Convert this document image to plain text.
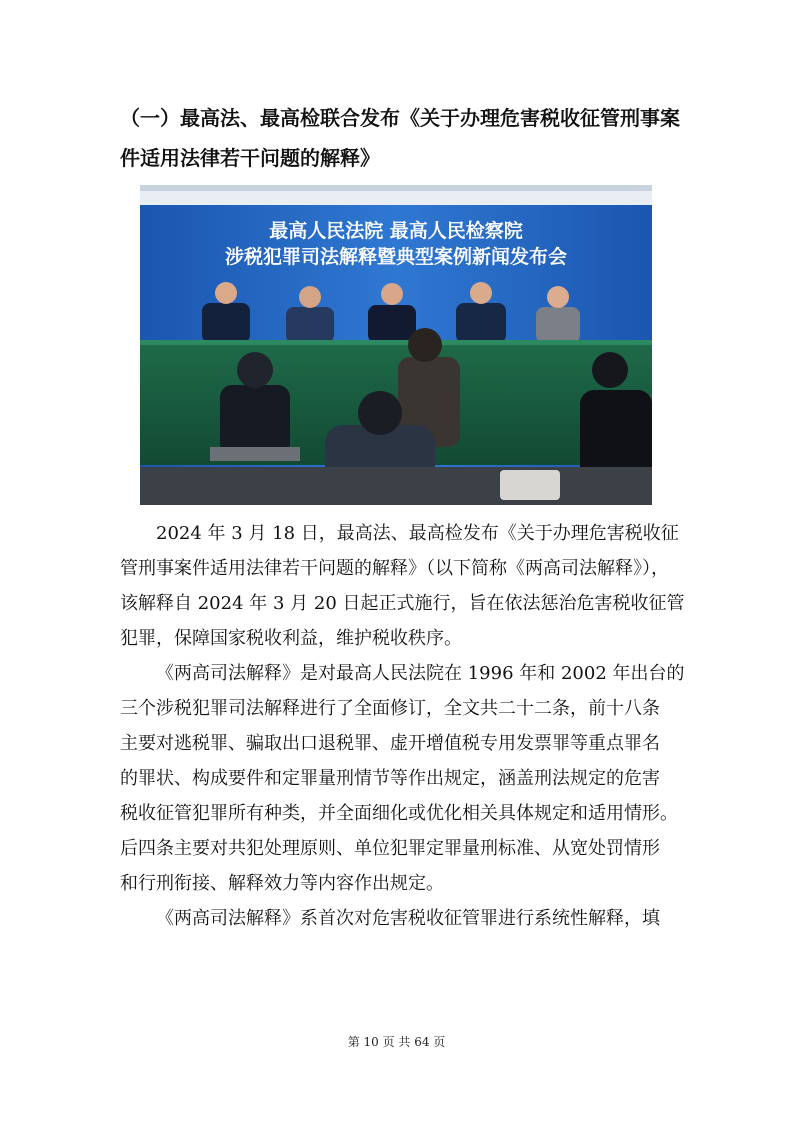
（一）最高法、最高检联合发布《关于办理危害税收征管刑事案

件适用法律若干问题的解释》

最高人民法院 最高人民检察院
涉税犯罪司法解释暨典型案例新闻发布会

2024 年 3 月 18 日，最高法、最高检发布《关于办理危害税收征

管刑事案件适用法律若干问题的解释》（以下简称《两高司法解释》），

该解释自 2024 年 3 月 20 日起正式施行，旨在依法惩治危害税收征管

犯罪，保障国家税收利益，维护税收秩序。

《两高司法解释》是对最高人民法院在 1996 年和 2002 年出台的

三个涉税犯罪司法解释进行了全面修订，全文共二十二条，前十八条

主要对逃税罪、骗取出口退税罪、虚开增值税专用发票罪等重点罪名

的罪状、构成要件和定罪量刑情节等作出规定，涵盖刑法规定的危害

税收征管犯罪所有种类，并全面细化或优化相关具体规定和适用情形。

后四条主要对共犯处理原则、单位犯罪定罪量刑标准、从宽处罚情形

和行刑衔接、解释效力等内容作出规定。

《两高司法解释》系首次对危害税收征管罪进行系统性解释，填

第 10 页 共 64 页
